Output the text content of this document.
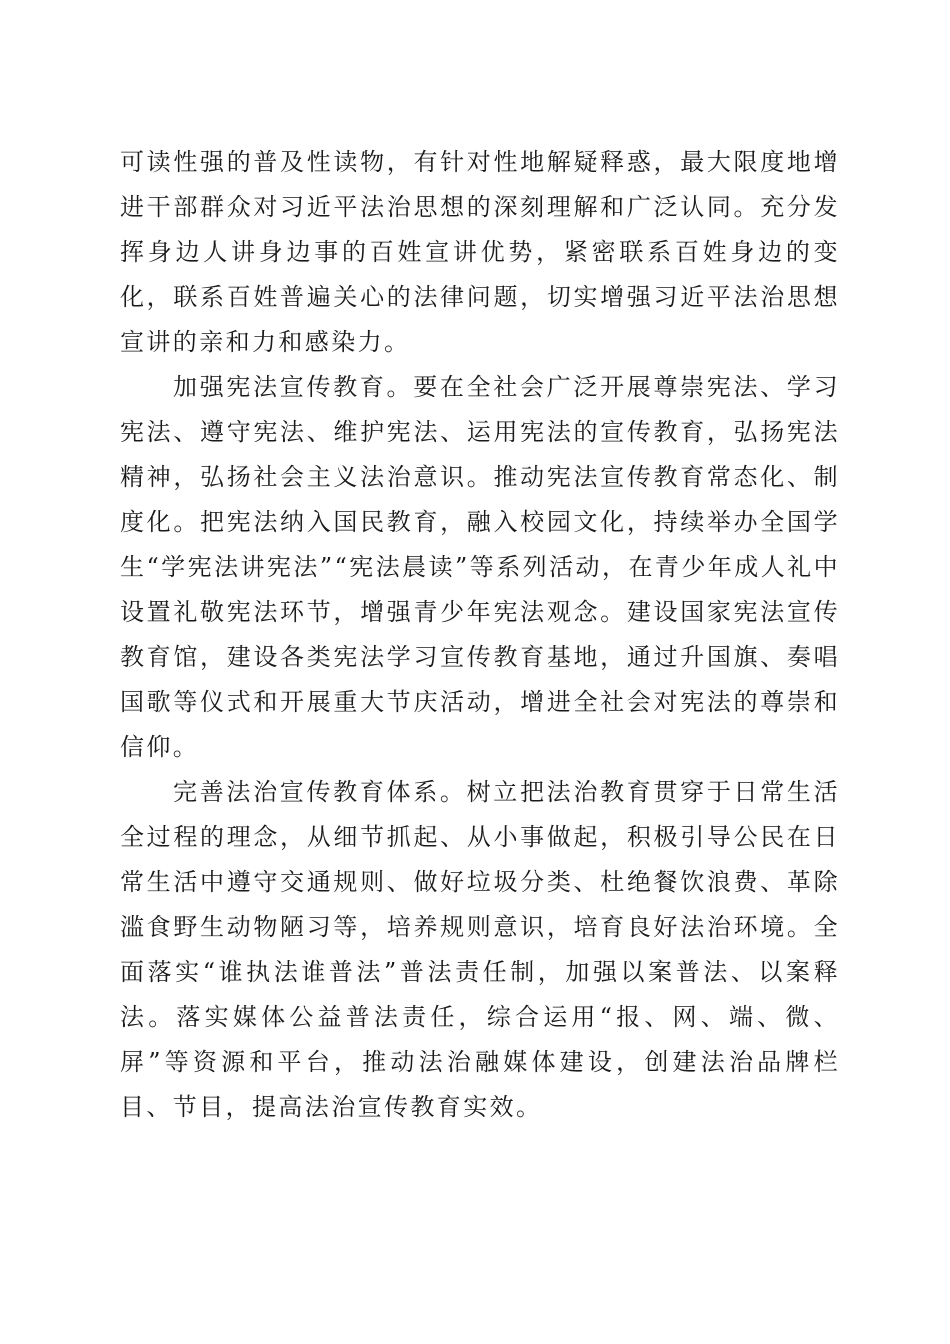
可读性强的普及性读物，有针对性地解疑释惑，最大限度地增进干部群众对习近平法治思想的深刻理解和广泛认同。充分发挥身边人讲身边事的百姓宣讲优势，紧密联系百姓身边的变化，联系百姓普遍关心的法律问题，切实增强习近平法治思想宣讲的亲和力和感染力。

加强宪法宣传教育。要在全社会广泛开展尊崇宪法、学习宪法、遵守宪法、维护宪法、运用宪法的宣传教育，弘扬宪法精神，弘扬社会主义法治意识。推动宪法宣传教育常态化、制度化。把宪法纳入国民教育，融入校园文化，持续举办全国学生“学宪法讲宪法”“宪法晨读”等系列活动，在青少年成人礼中设置礼敬宪法环节，增强青少年宪法观念。建设国家宪法宣传教育馆，建设各类宪法学习宣传教育基地，通过升国旗、奏唱国歌等仪式和开展重大节庆活动，增进全社会对宪法的尊崇和信仰。

完善法治宣传教育体系。树立把法治教育贯穿于日常生活全过程的理念，从细节抓起、从小事做起，积极引导公民在日常生活中遵守交通规则、做好垃圾分类、杜绝餐饮浪费、革除滥食野生动物陋习等，培养规则意识，培育良好法治环境。全面落实“谁执法谁普法”普法责任制，加强以案普法、以案释法。落实媒体公益普法责任，综合运用“报、网、端、微、屏”等资源和平台，推动法治融媒体建设，创建法治品牌栏目、节目，提高法治宣传教育实效。
